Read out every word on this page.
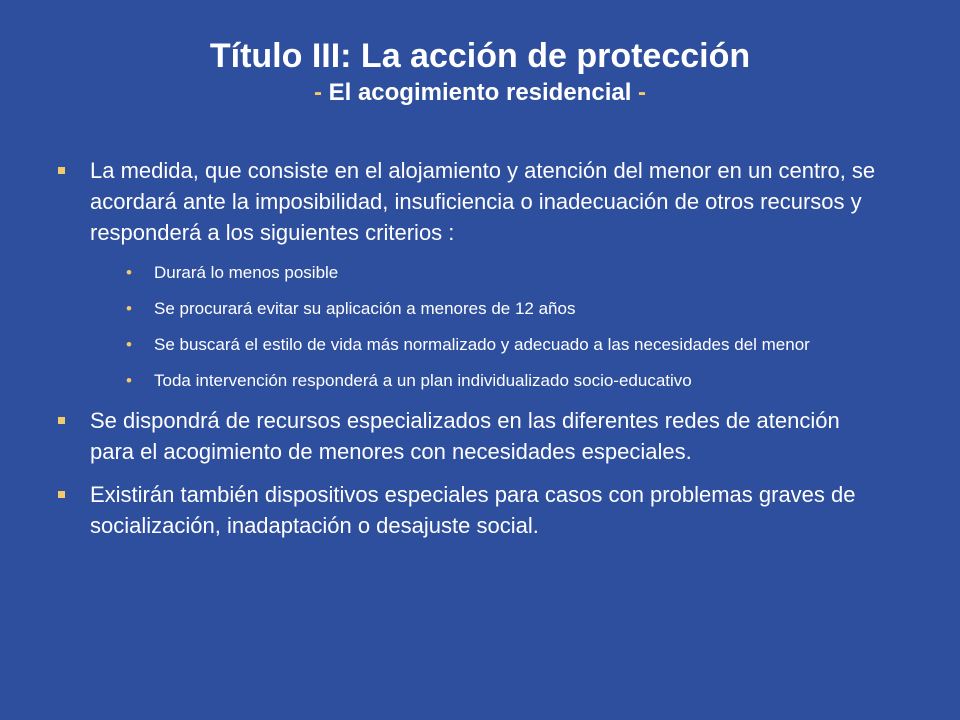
Título III: La acción de protección

- El acogimiento residencial -

La medida, que consiste en el alojamiento y atención del menor en un centro, se acordará ante la imposibilidad, insuficiencia o inadecuación de otros recursos y responderá a los siguientes criterios :
• Durará lo menos posible
• Se procurará evitar su aplicación a menores de 12 años
• Se buscará el estilo de vida más normalizado y adecuado a las necesidades del menor
• Toda intervención responderá a un plan individualizado socio-educativo
Se dispondrá de recursos especializados en las diferentes redes de atención para el acogimiento de menores con necesidades especiales.
Existirán también dispositivos especiales para casos con problemas graves de socialización, inadaptación o desajuste social.
